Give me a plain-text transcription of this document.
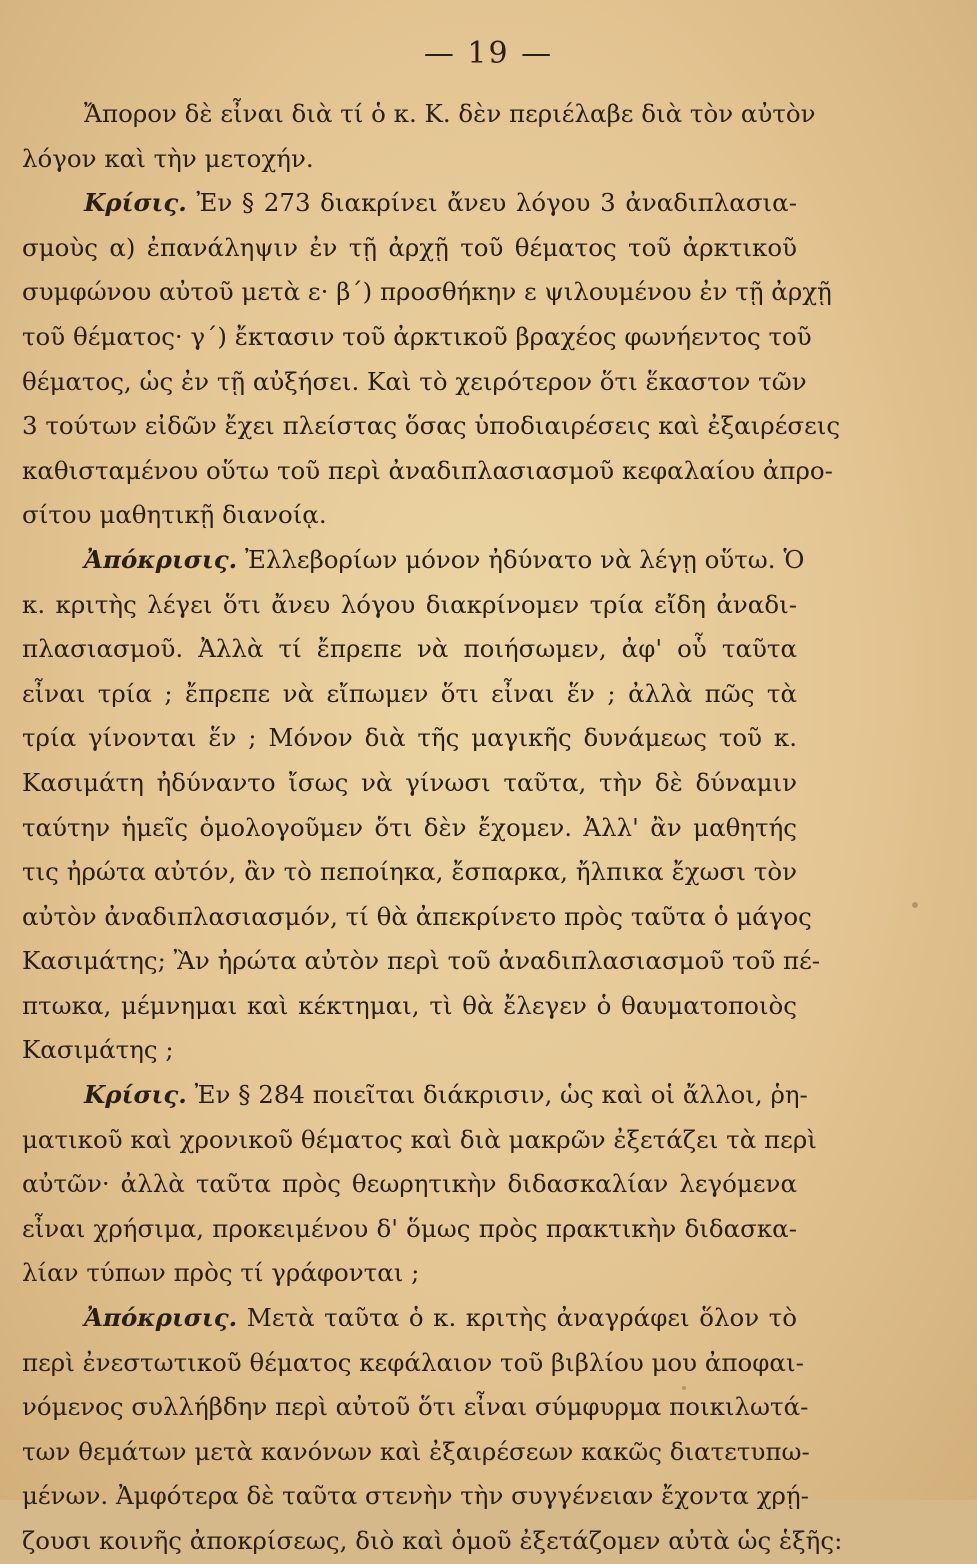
— 19 —
Ἄπορον δὲ εἶναι διὰ τί ὁ κ. Κ. δὲν περιέλαβε διὰ τὸν αὐτὸν
λόγον καὶ τὴν μετοχήν.
Κρίσις. Ἐν § 273 διακρίνει ἄνευ λόγου 3 ἀναδιπλασια-
σμοὺς α) ἐπανάληψιν ἐν τῇ ἀρχῇ τοῦ θέματος τοῦ ἀρκτικοῦ
συμφώνου αὐτοῦ μετὰ ε· β΄) προσθήκην ε ψιλουμένου ἐν τῇ ἀρχῇ
τοῦ θέματος· γ΄) ἔκτασιν τοῦ ἀρκτικοῦ βραχέος φωνήεντος τοῦ
θέματος, ὡς ἐν τῇ αὐξήσει. Καὶ τὸ χειρότερον ὅτι ἕκαστον τῶν
3 τούτων εἰδῶν ἔχει πλείστας ὅσας ὑποδιαιρέσεις καὶ ἐξαιρέσεις
καθισταμένου οὕτω τοῦ περὶ ἀναδιπλασιασμοῦ κεφαλαίου ἀπρο-
σίτου μαθητικῇ διανοίᾳ.
Ἀπόκρισις. Ἐλλεβορίων μόνον ἠδύνατο νὰ λέγῃ οὕτω. Ὁ
κ. κριτὴς λέγει ὅτι ἄνευ λόγου διακρίνομεν τρία εἴδη ἀναδι-
πλασιασμοῦ. Ἀλλὰ τί ἔπρεπε νὰ ποιήσωμεν, ἀφ' οὗ ταῦτα
εἶναι τρία ; ἔπρεπε νὰ εἴπωμεν ὅτι εἶναι ἕν ; ἀλλὰ πῶς τὰ
τρία γίνονται ἕν ; Μόνον διὰ τῆς μαγικῆς δυνάμεως τοῦ κ.
Κασιμάτη ἠδύναντο ἴσως νὰ γίνωσι ταῦτα, τὴν δὲ δύναμιν
ταύτην ἡμεῖς ὁμολογοῦμεν ὅτι δὲν ἔχομεν. Ἀλλ' ἂν μαθητής
τις ἠρώτα αὐτόν, ἂν τὸ πεποίηκα, ἔσπαρκα, ἤλπικα ἔχωσι τὸν
αὐτὸν ἀναδιπλασιασμόν, τί θὰ ἀπεκρίνετο πρὸς ταῦτα ὁ μάγος
Κασιμάτης; Ἂν ἠρώτα αὐτὸν περὶ τοῦ ἀναδιπλασιασμοῦ τοῦ πέ-
πτωκα, μέμνημαι καὶ κέκτημαι, τὶ θὰ ἔλεγεν ὁ θαυματοποιὸς
Κασιμάτης ;
Κρίσις. Ἐν § 284 ποιεῖται διάκρισιν, ὡς καὶ οἱ ἄλλοι, ῥη-
ματικοῦ καὶ χρονικοῦ θέματος καὶ διὰ μακρῶν ἐξετάζει τὰ περὶ
αὐτῶν· ἀλλὰ ταῦτα πρὸς θεωρητικὴν διδασκαλίαν λεγόμενα
εἶναι χρήσιμα, προκειμένου δ' ὅμως πρὸς πρακτικὴν διδασκα-
λίαν τύπων πρὸς τί γράφονται ;
Ἀπόκρισις. Μετὰ ταῦτα ὁ κ. κριτὴς ἀναγράφει ὅλον τὸ
περὶ ἐνεστωτικοῦ θέματος κεφάλαιον τοῦ βιβλίου μου ἀποφαι-
νόμενος συλλήβδην περὶ αὐτοῦ ὅτι εἶναι σύμφυρμα ποικιλωτά-
των θεμάτων μετὰ κανόνων καὶ ἐξαιρέσεων κακῶς διατετυπω-
μένων. Ἀμφότερα δὲ ταῦτα στενὴν τὴν συγγένειαν ἔχοντα χρῄ-
ζουσι κοινῆς ἀποκρίσεως, διὸ καὶ ὁμοῦ ἐξετάζομεν αὐτὰ ὡς ἑξῆς:
